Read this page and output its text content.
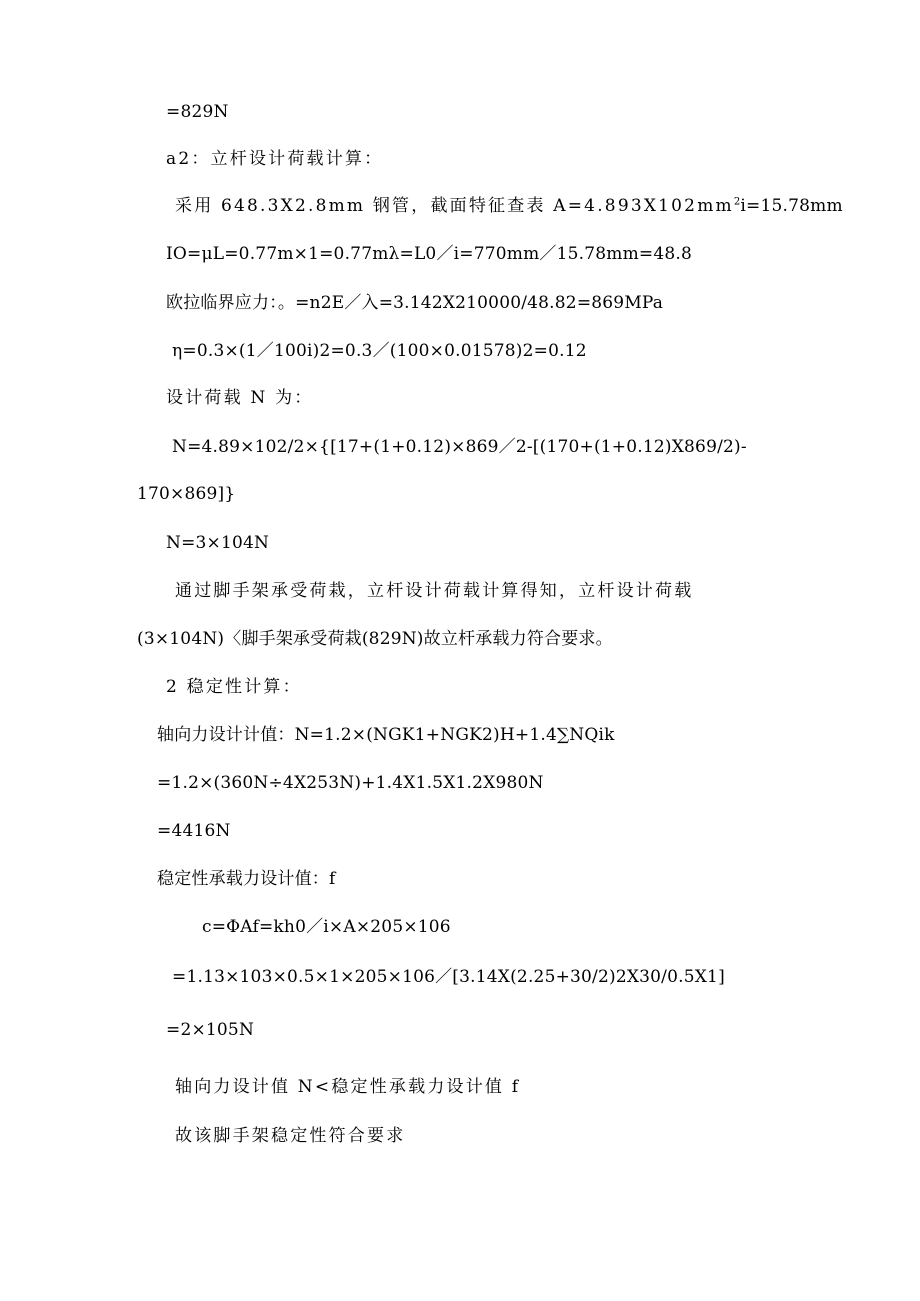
=829N
a2：立杆设计荷载计算：
采用 648.3X2.8mm 钢管，截面特征查表 $A=4.893X102mm^2i=15.78mm$
IO=μL=0.77m×1=0.77mλ=L0／i=770mm／15.78mm=48.8
欧拉临界应力：。=n2E／入=3.142X210000/48.82=869MPa
η=0.3×(1／100i)2=0.3／(100×0.01578)2=0.12
设计荷载 N 为：
N=4.89×102/2×{[17+(1+0.12)×869／2-[(170+(1+0.12)X869/2)-
170×869]}
N=3×104N
通过脚手架承受荷栽，立杆设计荷载计算得知，立杆设计荷载
(3×104N)〈脚手架承受荷栽(829N)故立杆承载力符合要求。
2 稳定性计算：
轴向力设计计值：N=1.2×(NGK1+NGK2)H+1.4∑NQik
=1.2×(360N÷4X253N)+1.4X1.5X1.2X980N
=4416N
稳定性承载力设计值：f
c=ΦAf=kh0／i×A×205×106
=1.13×103×0.5×1×205×106／[3.14X(2.25+30/2)2X30/0.5X1]
=2×105N
轴向力设计值 N<稳定性承载力设计值 f
故该脚手架稳定性符合要求
